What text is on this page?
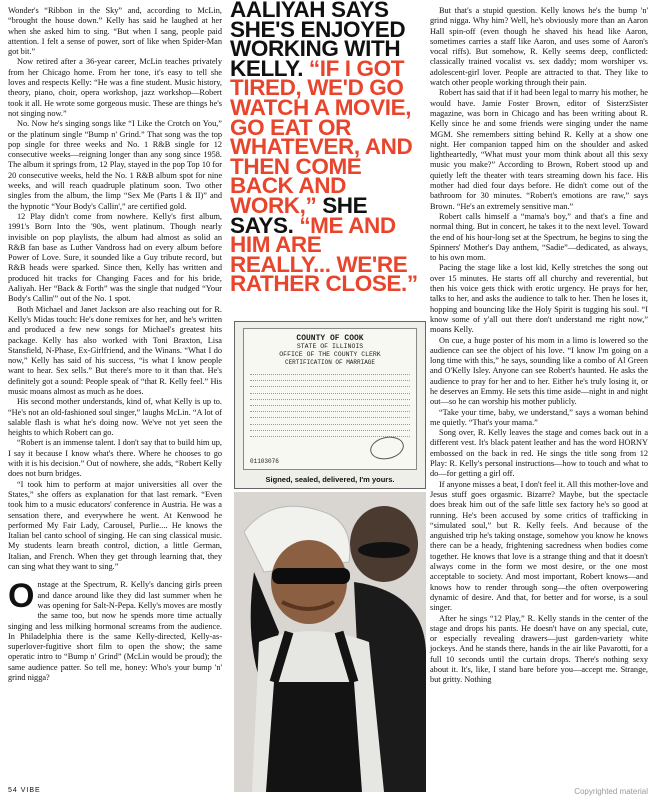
Wonder's “Ribbon in the Sky” and, according to McLin, “brought the house down.” Kelly has said he laughed at her when she asked him to sing. “But when I sang, people paid attention. I felt a sense of power, sort of like when Spider-Man got bit.”

Now retired after a 36-year career, McLin teaches privately from her Chicago home. From her tone, it's easy to tell she loves and respects Kelly: “He was a fine student. Music history, theory, piano, choir, opera workshop, jazz workshop—Robert took it all. He wrote some gorgeous music. These are things he's not singing now.”

No. Now he's singing songs like “I Like the Crotch on You,” or the platinum single “Bump n' Grind.” That song was the top pop single for three weeks and No. 1 R&B single for 12 consecutive weeks—reigning longer than any song since 1958. The album it springs from, 12 Play, stayed in the pop Top 10 for 20 consecutive weeks, held the No. 1 R&B album spot for nine weeks, and will reach quadruple platinum soon. Two other singles from the album, the limp “Sex Me (Parts I & II)” and the hypnotic “Your Body's Callin',” are certified gold.

12 Play didn't come from nowhere. Kelly's first album, 1991's Born Into the '90s, went platinum. Though nearly invisible on pop playlists, the album had almost as solid an R&B fan base as Luther Vandross had on every album before Power of Love. Sure, it sounded like a Guy tribute record, but R&B heads were sparked. Since then, Kelly has written and produced hit tracks for Changing Faces and for his bride, Aaliyah. Her “Back & Forth” was the single that nudged “Your Body's Callin'” out of the No. 1 spot.

Both Michael and Janet Jackson are also reaching out for R. Kelly's Midas touch: He's done remixes for her, and he's written and produced a few new songs for Michael's greatest hits package. Kelly has also worked with Toni Braxton, Lisa Stansfield, N-Phase, Ex-Girlfriend, and the Winans. “What I do now,” Kelly has said of his success, “is what I know people want to hear. Sex sells.” But there's more to it than that. He's definitely got a sound: People speak of “that R. Kelly feel.” His music moans almost as much as he does.

His second mother understands, kind of, what Kelly is up to. “He's not an old-fashioned soul singer,” laughs McLin. “A lot of salable flash is what he's doing now. We've not yet seen the heights to which Robert can go.

“Robert is an immense talent. I don't say that to build him up, I say it because I know what's there. Where he chooses to go with it is his decision.” Out of nowhere, she adds, “Robert Kelly does not burn bridges.

“I took him to perform at major universities all over the States,” she offers as explanation for that last remark. “Even took him to a music educators' conference in Austria. He was a sensation there, and everywhere he went. At Kenwood he performed My Fair Lady, Carousel, Purlie.... He knows the Italian bel canto school of singing. He can sing classical music. My students learn breath control, diction, a little German, Italian, and French. When they get through learning that, they can sing what they want to sing.”

Onstage at the Spectrum, R. Kelly's dancing girls preen and dance around like they did last summer when he was opening for Salt-N-Pepa. Kelly's moves are mostly the same too, but now he spends more time actually singing and less milking hormonal screams from the audience. In Philadelphia there is the same Kelly-directed, Kelly-as-superlover-fugitive short film to open the show; the same operatic intro to “Bump n' Grind” (McLin would be proud); the same audience patter. So tell me, honey: Who's your bump 'n' grind nigga?

AALIYAH SAYS SHE'S ENJOYED WORKING WITH KELLY. “IF I GOT TIRED, WE'D GO WATCH A MOVIE, GO EAT OR WHATEVER, AND THEN COME BACK AND WORK,” SHE SAYS. “ME AND HIM ARE REALLY... WE'RE RATHER CLOSE.”
COUNTY OF COOK
STATE OF ILLINOIS
OFFICE OF THE COUNTY CLERK
CERTIFICATION OF MARRIAGE
01103076
Signed, sealed, delivered, I'm yours.

But that's a stupid question. Kelly knows he's the bump 'n' grind nigga. Why him? Well, he's obviously more than an Aaron Hall spin-off (even though he shaved his head like Aaron, sometimes carries a staff like Aaron, and uses some of Aaron's vocal riffs). But somehow, R. Kelly seems deep, conflicted: classically trained vocalist vs. sex daddy; mom worshiper vs. adolescent-girl lover. People are attracted to that. They like to watch other people working through their pain.

Robert has said that if it had been legal to marry his mother, he would have. Jamie Foster Brown, editor of SisterzSister magazine, was born in Chicago and has been writing about R. Kelly since he and some friends were singing under the name MGM. She remembers sitting behind R. Kelly at a show one night. Her companion tapped him on the shoulder and asked lightheartedly, “What must your mom think about all this sexy music you make?” According to Brown, Robert stood up and quietly left the theater with tears streaming down his face. His mother had died four days before. He didn't come out of the bathroom for 30 minutes. “Robert's emotions are raw,” says Brown. “He's an extremely sensitive man.”

Robert calls himself a “mama's boy,” and that's a fine and normal thing. But in concert, he takes it to the next level. Toward the end of his hour-long set at the Spectrum, he begins to sing the Spinners' Mother's Day anthem, “Sadie”—dedicated, as always, to his own mom.

Pacing the stage like a lost kid, Kelly stretches the song out over 15 minutes. He starts off all churchy and reverential, but then his voice gets thick with erotic urgency. He prays for her, talks to her, and asks the audience to talk to her. Then he loses it, hopping and bouncing like the Holy Spirit is tugging his soul. “I know some of y'all out there don't understand me right now,” moans Kelly.

On cue, a huge poster of his mom in a limo is lowered so the audience can see the object of his love. “I know I'm going on a long time with this,” he says, sounding like a combo of Al Green and O'Kelly Isley. Anyone can see Robert's haunted. He asks the audience to pray for her and to her. Either he's truly losing it, or he deserves an Emmy. He sets this time aside—night in and night out—so he can worship his mother publicly.

“Take your time, baby, we understand,” says a woman behind me quietly. “That's your mama.”

Song over, R. Kelly leaves the stage and comes back out in a different vest. It's black patent leather and has the word HORNY embossed on the back in red. He sings the title song from 12 Play: R. Kelly's personal instructions—how to touch and what to do—for getting a girl off.

If anyone misses a beat, I don't feel it. All this mother-love and Jesus stuff goes orgasmic. Bizarre? Maybe, but the spectacle does break him out of the safe little sex factory he's so good at running. He's been accused by some critics of trafficking in “simulated soul,” but R. Kelly feels. And because of the anguished trip he's taking onstage, somehow you know he knows there can be a heady, frightening sacredness when bodies come together. He knows that love is a strange thing and that it doesn't always come in the form we most desire, or the one most acceptable to society. And most important, Robert knows—and knows how to render through song—the often overpowering dynamic of desire. And that, for better and for worse, is a soul singer.

After he sings “12 Play,” R. Kelly stands in the center of the stage and drops his pants. He doesn't have on any special, cute, or especially revealing drawers—just garden-variety white jockeys. And he stands there, hands in the air like Pavarotti, for a full 10 seconds until the curtain drops. There's nothing sexy about it. It's, like, I stand bare before you—accept me. Strange, but gritty. Nothing

54 VIBE	Copyrighted material
